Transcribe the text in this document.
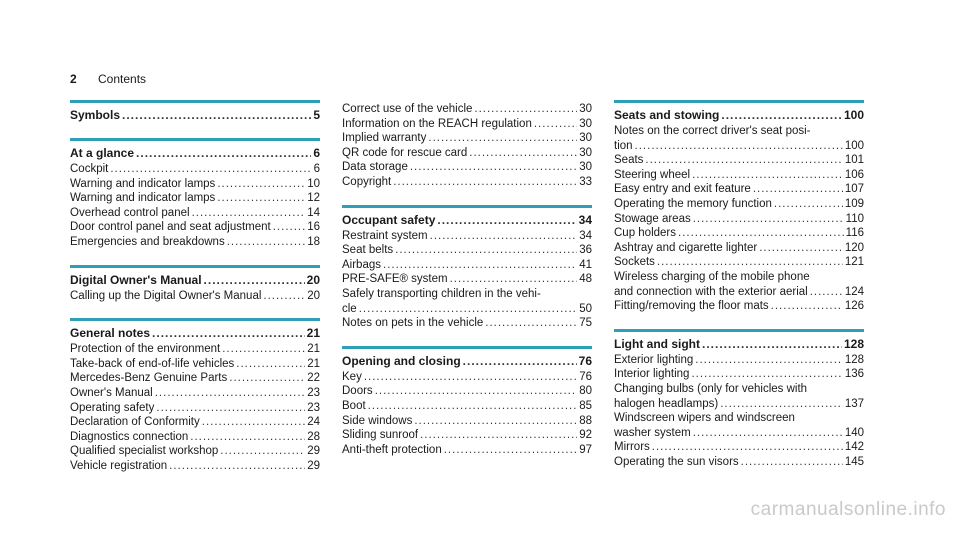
2	Contents
Symbols .....	5
At a glance .....	6
Cockpit .....	6
Warning and indicator lamps .....	10
Warning and indicator lamps .....	12
Overhead control panel .....	14
Door control panel and seat adjustment .....	16
Emergencies and breakdowns .....	18
Digital Owner's Manual .....	20
Calling up the Digital Owner's Manual .....	20
General notes .....	21
Protection of the environment .....	21
Take-back of end-of-life vehicles .....	21
Mercedes-Benz Genuine Parts .....	22
Owner's Manual .....	23
Operating safety .....	23
Declaration of Conformity .....	24
Diagnostics connection .....	28
Qualified specialist workshop .....	29
Vehicle registration .....	29
Correct use of the vehicle .....	30
Information on the REACH regulation .....	30
Implied warranty .....	30
QR code for rescue card .....	30
Data storage .....	30
Copyright .....	33
Occupant safety .....	34
Restraint system .....	34
Seat belts .....	36
Airbags .....	41
PRE-SAFE® system .....	48
Safely transporting children in the vehi-
cle .....	50
Notes on pets in the vehicle .....	75
Opening and closing .....	76
Key .....	76
Doors .....	80
Boot .....	85
Side windows .....	88
Sliding sunroof .....	92
Anti-theft protection .....	97
Seats and stowing .....	100
Notes on the correct driver's seat posi-
tion .....	100
Seats .....	101
Steering wheel .....	106
Easy entry and exit feature .....	107
Operating the memory function .....	109
Stowage areas .....	110
Cup holders .....	116
Ashtray and cigarette lighter .....	120
Sockets .....	121
Wireless charging of the mobile phone
and connection with the exterior aerial .....	124
Fitting/removing the floor mats .....	126
Light and sight .....	128
Exterior lighting .....	128
Interior lighting .....	136
Changing bulbs (only for vehicles with
halogen headlamps) .....	137
Windscreen wipers and windscreen
washer system .....	140
Mirrors .....	142
Operating the sun visors .....	145
carmanualsonline.info
